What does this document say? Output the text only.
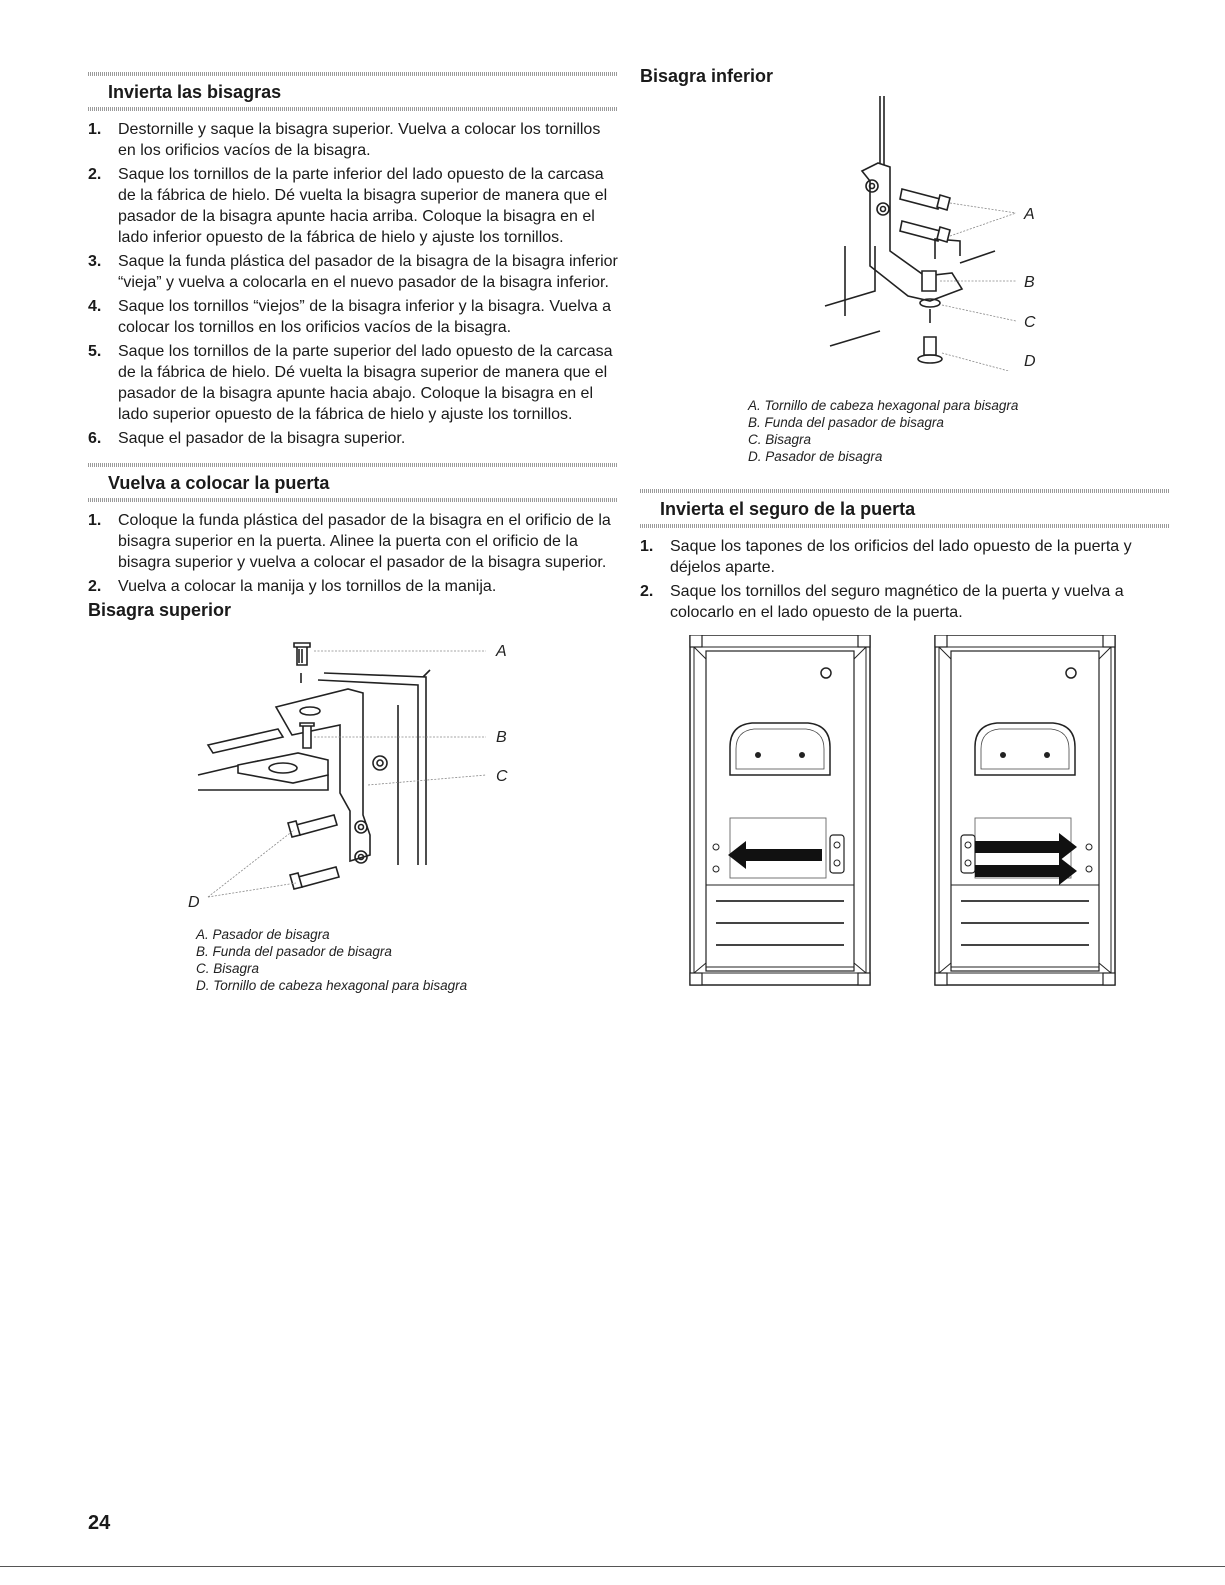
Invierta las bisagras
1. Destornille y saque la bisagra superior. Vuelva a colocar los tornillos en los orificios vacíos de la bisagra.
2. Saque los tornillos de la parte inferior del lado opuesto de la carcasa de la fábrica de hielo. Dé vuelta la bisagra superior de manera que el pasador de la bisagra apunte hacia arriba. Coloque la bisagra en el lado inferior opuesto de la fábrica de hielo y ajuste los tornillos.
3. Saque la funda plástica del pasador de la bisagra de la bisagra inferior “vieja” y vuelva a colocarla en el nuevo pasador de la bisagra inferior.
4. Saque los tornillos “viejos” de la bisagra inferior y la bisagra. Vuelva a colocar los tornillos en los orificios vacíos de la bisagra.
5. Saque los tornillos de la parte superior del lado opuesto de la carcasa de la fábrica de hielo. Dé vuelta la bisagra superior de manera que el pasador de la bisagra apunte hacia abajo. Coloque la bisagra en el lado superior opuesto de la fábrica de hielo y ajuste los tornillos.
6. Saque el pasador de la bisagra superior.
Vuelva a colocar la puerta
1. Coloque la funda plástica del pasador de la bisagra en el orificio de la bisagra superior en la puerta. Alinee la puerta con el orificio de la bisagra superior y vuelva a colocar el pasador de la bisagra superior.
2. Vuelva a colocar la manija y los tornillos de la manija.
Bisagra superior
A
B
C
D
A. Pasador de bisagra
B. Funda del pasador de bisagra
C. Bisagra
D. Tornillo de cabeza hexagonal para bisagra
Bisagra inferior
A
B
C
D
A. Tornillo de cabeza hexagonal para bisagra
B. Funda del pasador de bisagra
C. Bisagra
D. Pasador de bisagra
Invierta el seguro de la puerta
1. Saque los tapones de los orificios del lado opuesto de la puerta y déjelos aparte.
2. Saque los tornillos del seguro magnético de la puerta y vuelva a colocarlo en el lado opuesto de la puerta.
24
